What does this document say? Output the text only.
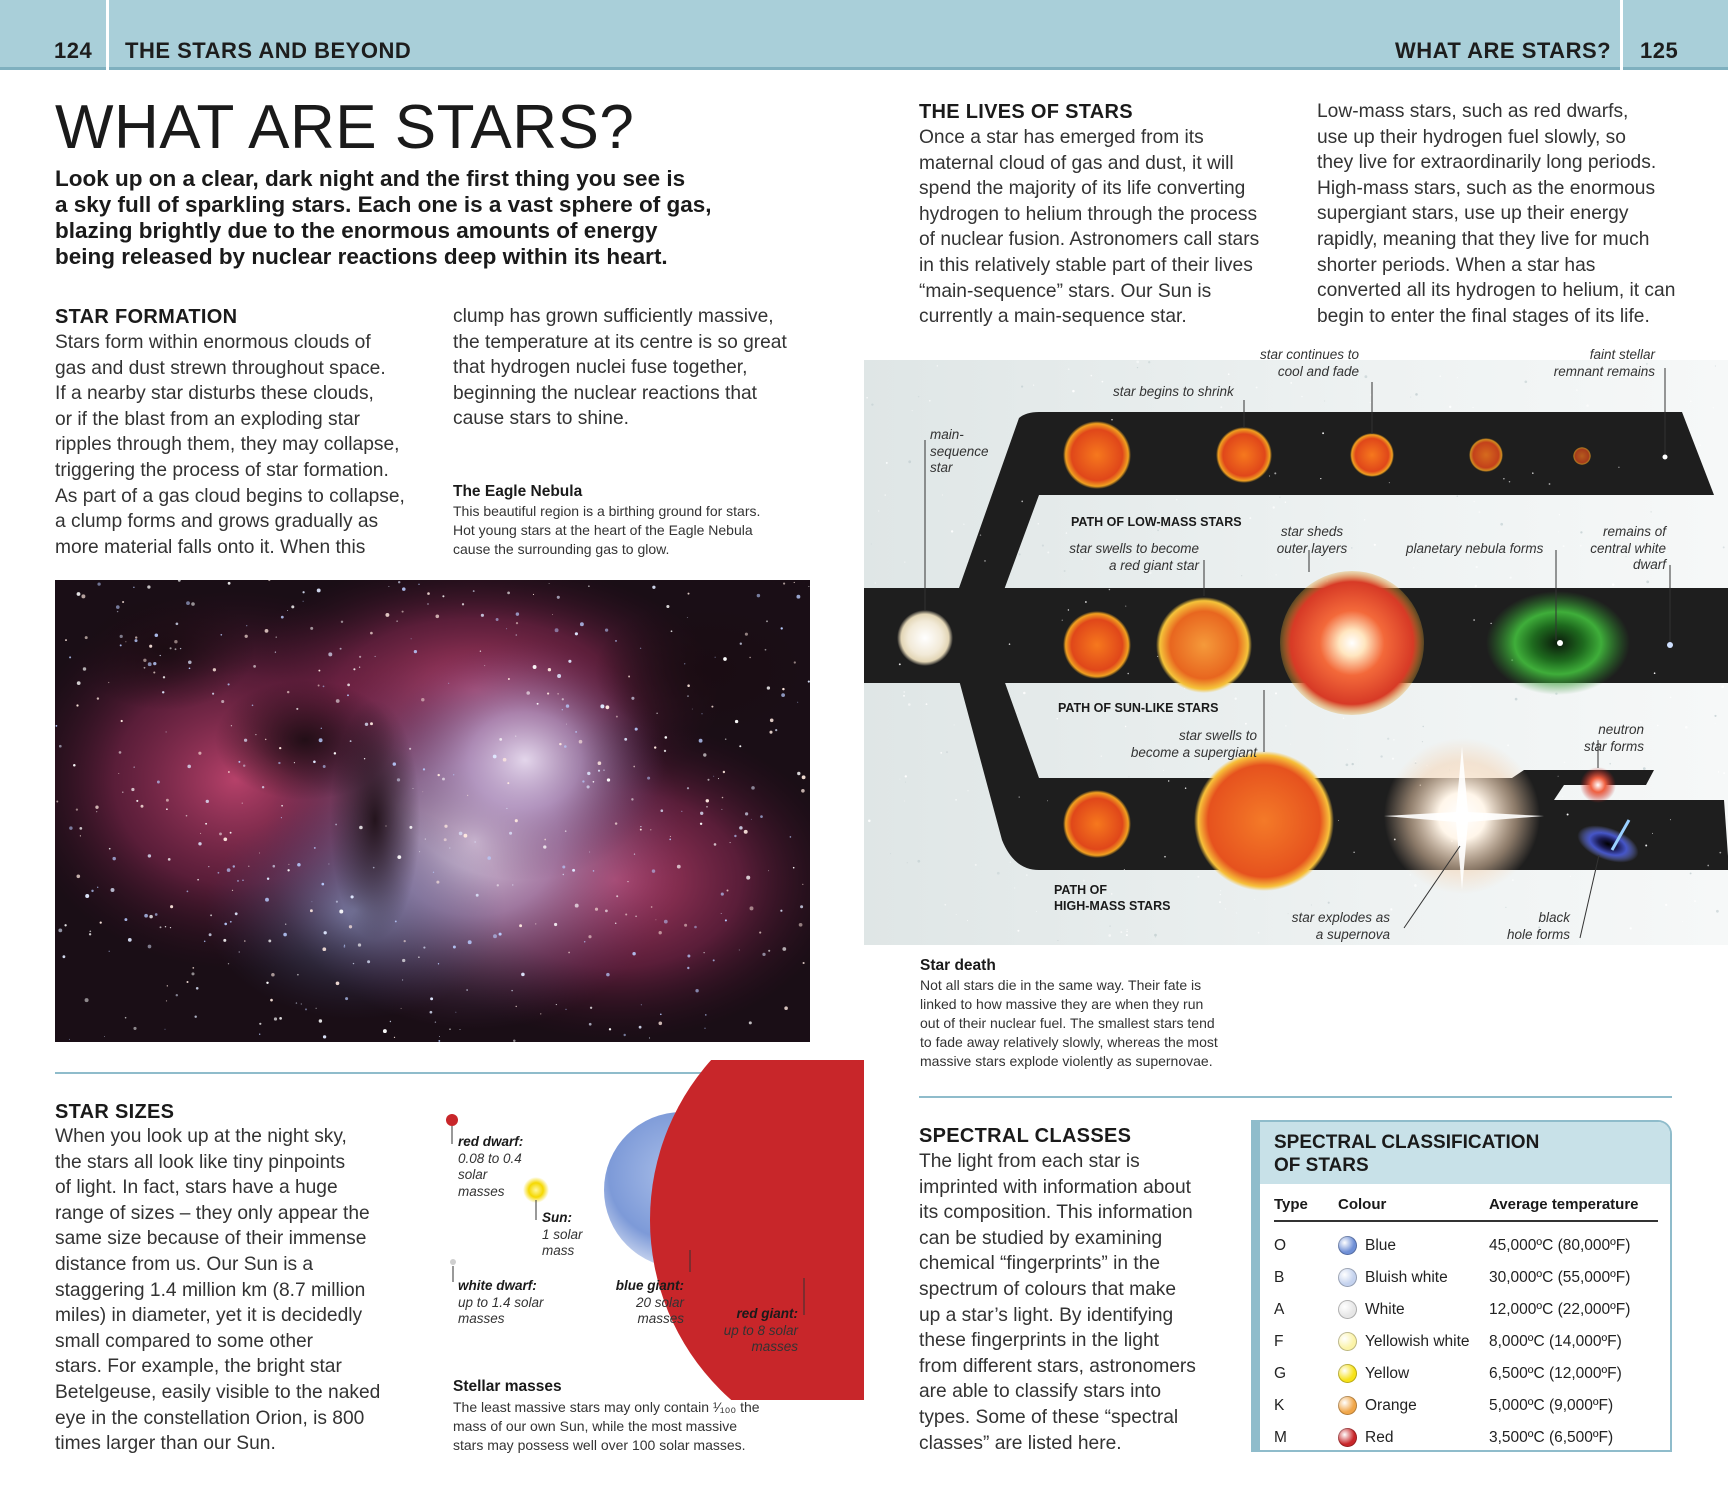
124 THE STARS AND BEYOND	WHAT ARE STARS? 125
WHAT ARE STARS?

Look up on a clear, dark night and the first thing you see is

a sky full of sparkling stars. Each one is a vast sphere of gas,

blazing brightly due to the enormous amounts of energy

being released by nuclear reactions deep within its heart.

STAR FORMATION

Stars form within enormous clouds of

gas and dust strewn throughout space.

If a nearby star disturbs these clouds,

or if the blast from an exploding star

ripples through them, they may collapse,

triggering the process of star formation.

As part of a gas cloud begins to collapse,

a clump forms and grows gradually as

more material falls onto it. When this

clump has grown sufficiently massive,

the temperature at its centre is so great

that hydrogen nuclei fuse together,

beginning the nuclear reactions that

cause stars to shine.

The Eagle Nebula

This beautiful region is a birthing ground for stars.

Hot young stars at the heart of the Eagle Nebula

cause the surrounding gas to glow.

STAR SIZES

When you look up at the night sky,

the stars all look like tiny pinpoints

of light. In fact, stars have a huge

range of sizes – they only appear the

same size because of their immense

distance from us. Our Sun is a

staggering 1.4 million km (8.7 million

miles) in diameter, yet it is decidedly

small compared to some other

stars. For example, the bright star

Betelgeuse, easily visible to the naked

eye in the constellation Orion, is 800

times larger than our Sun.

red dwarf:

0.08 to 0.4

solar

masses

Sun:

1 solar

mass

white dwarf:

up to 1.4 solar

masses

blue giant:

20 solar

masses	red giant:

up to 8 solar

masses

Stellar masses

The least massive stars may only contain ¹⁄₁₀₀ the

mass of our own Sun, while the most massive

stars may possess well over 100 solar masses.

THE LIVES OF STARS

Once a star has emerged from its

maternal cloud of gas and dust, it will

spend the majority of its life converting

hydrogen to helium through the process

of nuclear fusion. Astronomers call stars

in this relatively stable part of their lives

“main-sequence” stars. Our Sun is

currently a main-sequence star.

Low-mass stars, such as red dwarfs,

use up their hydrogen fuel slowly, so

they live for extraordinarily long periods.

High-mass stars, such as the enormous

supergiant stars, use up their energy

rapidly, meaning that they live for much

shorter periods. When a star has

converted all its hydrogen to helium, it can

begin to enter the final stages of its life.

main-

sequence

star

star begins to shrink

star continues to

cool and fade

faint stellar

remnant remains

PATH OF LOW-MASS STARS

star swells to become

a red giant star

star sheds

outer layers	planetary nebula forms

remains of

central white

dwarf

PATH OF SUN-LIKE STARS

star swells to

become a supergiant

neutron

star forms

PATH OF

HIGH-MASS STARS

star explodes as

a supernova

black

hole forms

Star death

Not all stars die in the same way. Their fate is

linked to how massive they are when they run

out of their nuclear fuel. The smallest stars tend

to fade away relatively slowly, whereas the most

massive stars explode violently as supernovae.

SPECTRAL CLASSES

The light from each star is

imprinted with information about

its composition. This information

can be studied by examining

chemical “fingerprints” in the

spectrum of colours that make

up a star’s light. By identifying

these fingerprints in the light

from different stars, astronomers

are able to classify stars into

types. Some of these “spectral

classes” are listed here.

SPECTRAL CLASSIFICATION

OF STARS

Type Colour	Average temperature
O	Blue	45,000ºC (80,000ºF)
B	Bluish white	30,000ºC (55,000ºF)
A	White	12,000ºC (22,000ºF)
F	Yellowish white 8,000ºC (14,000ºF)
G	Yellow	6,500ºC (12,000ºF)
K	Orange	5,000ºC (9,000ºF)
M	Red	3,500ºC (6,500ºF)
